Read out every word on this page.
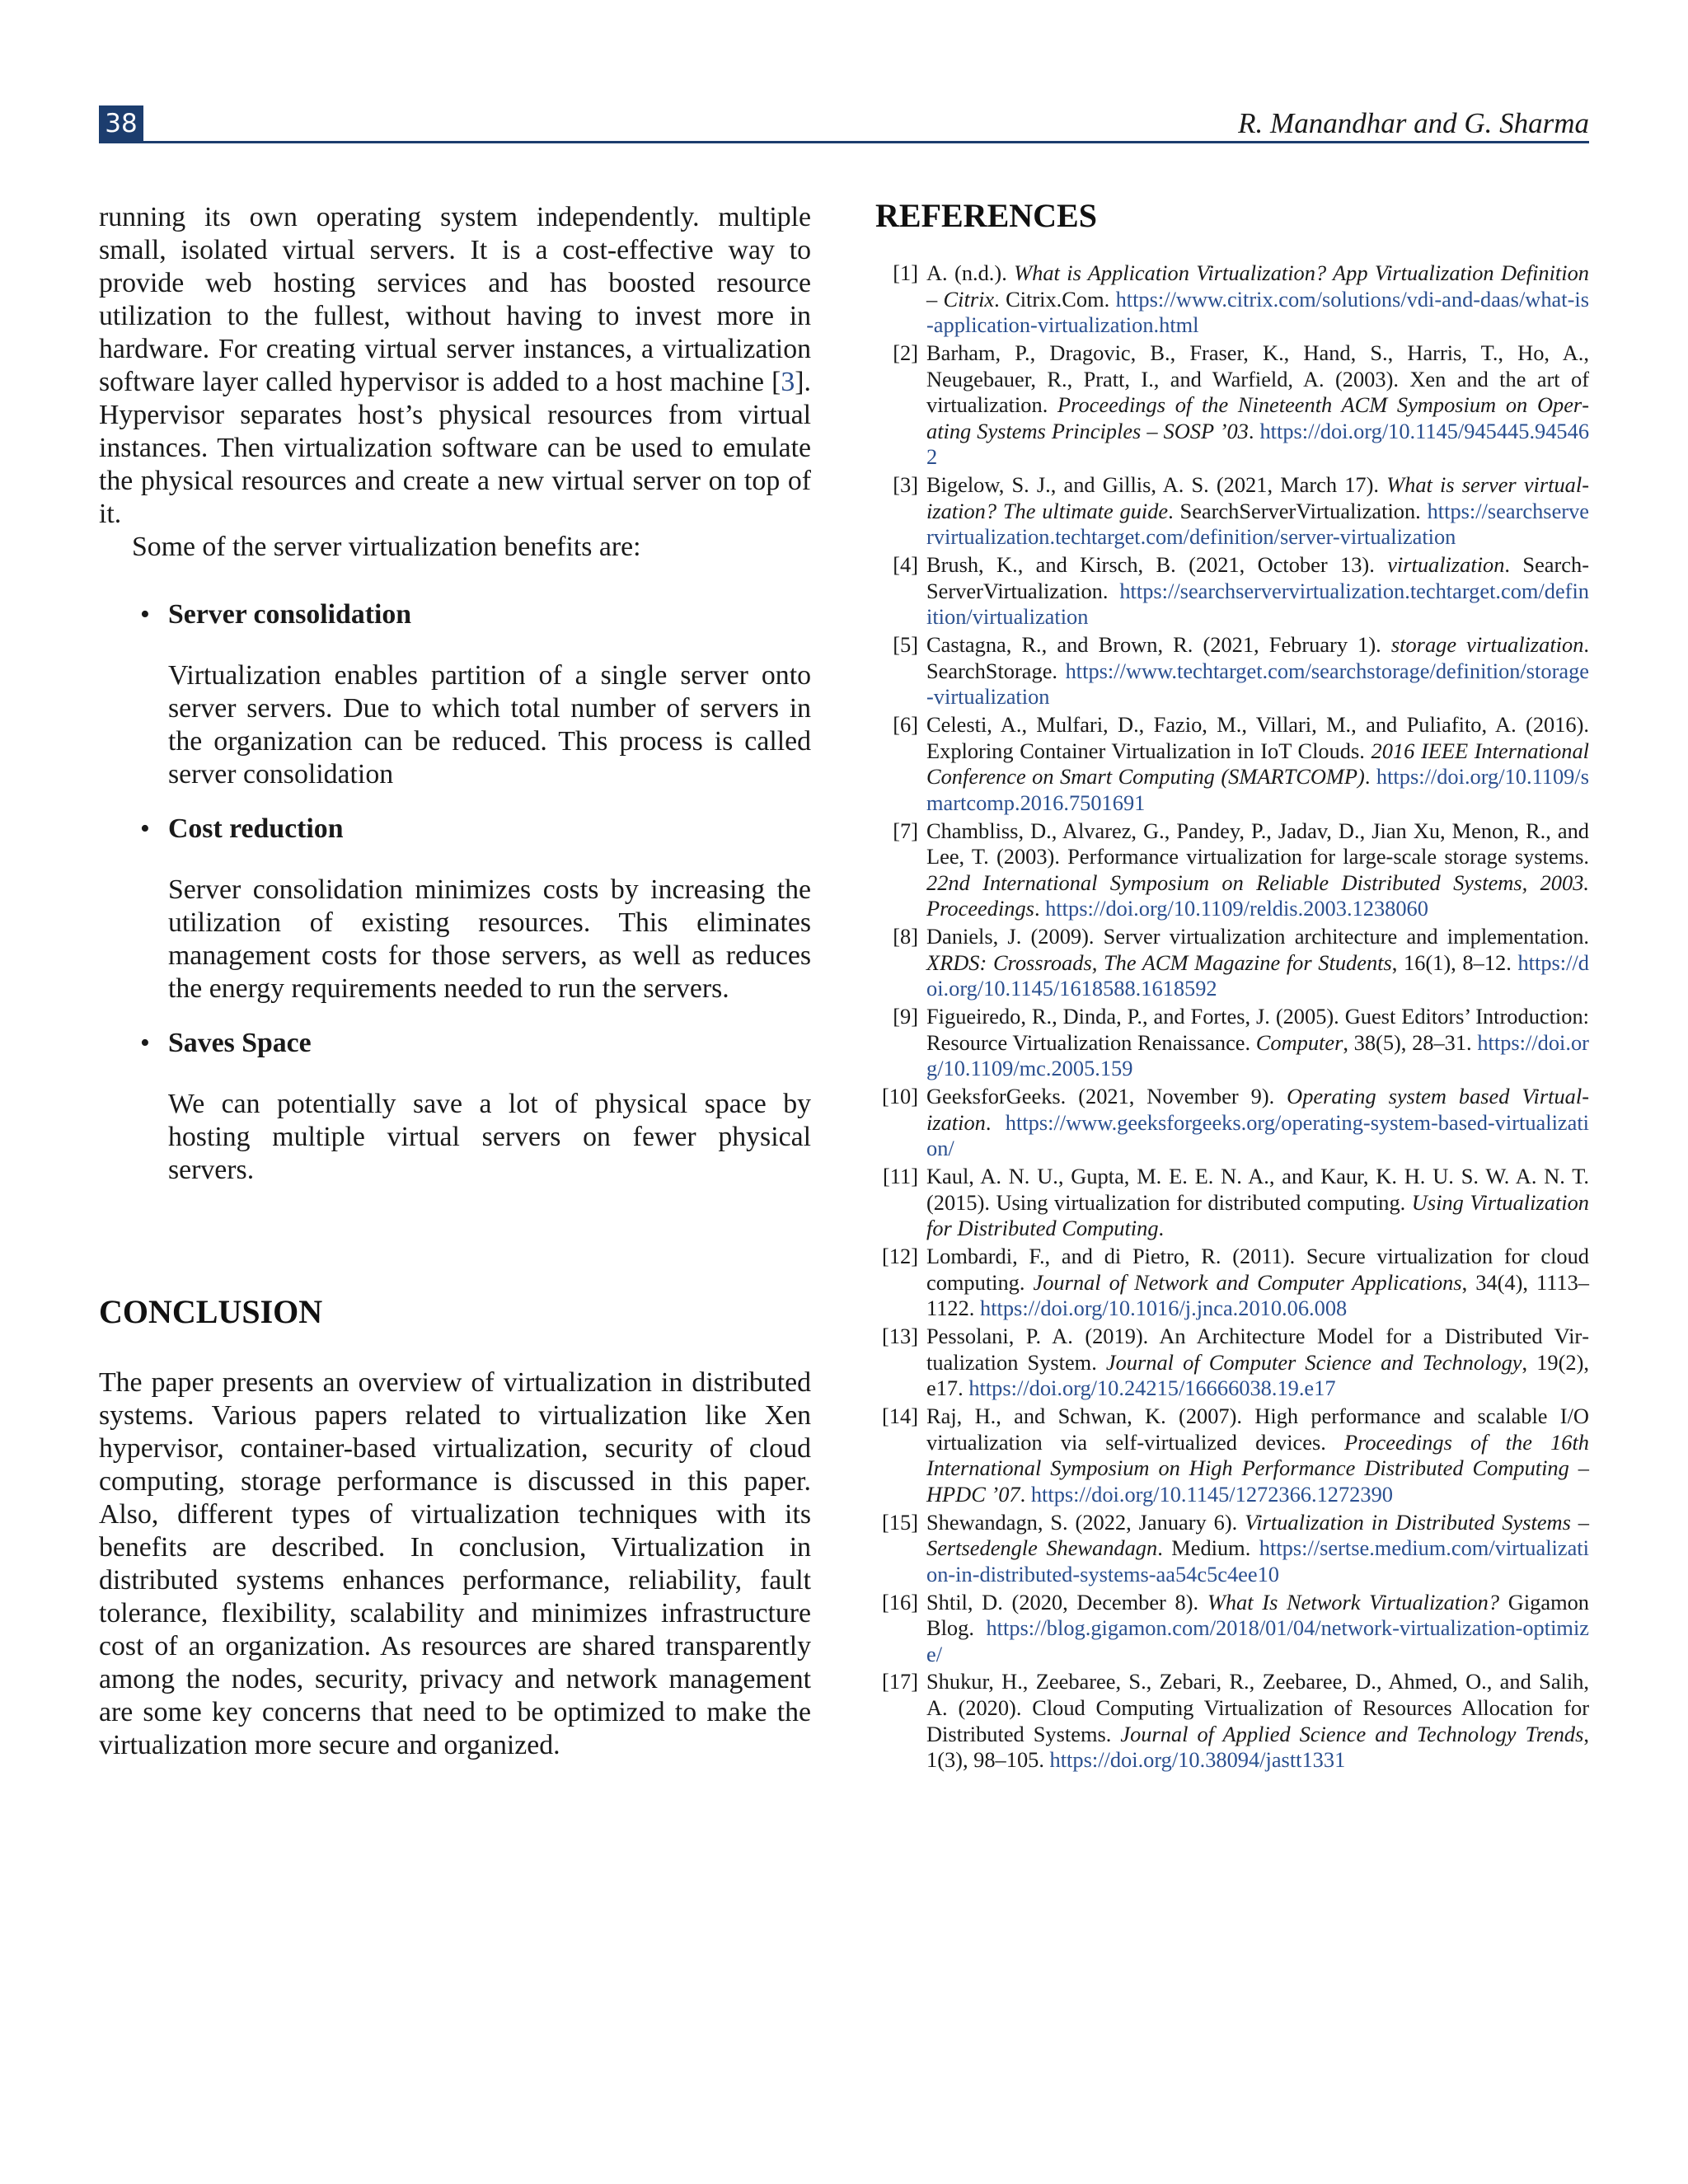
38	R. Manandhar and G. Sharma

running its own operating system independently. multiple small, isolated virtual servers. It is a cost-effective way to provide web hosting services and has boosted resource utilization to the fullest, without having to invest more in hardware. For creating virtual server instances, a virtualization software layer called hypervisor is added to a host machine [3]. Hypervisor separates host’s physical resources from virtual instances. Then virtualization software can be used to emulate the physical resources and create a new virtual server on top of it.

Some of the server virtualization benefits are:

• Server consolidation

Virtualization enables partition of a single server onto server servers. Due to which total number of servers in the organization can be reduced. This process is called server consolidation

• Cost reduction

Server consolidation minimizes costs by increasing the utilization of existing resources. This eliminates management costs for those servers, as well as reduces the energy requirements needed to run the servers.

• Saves Space

We can potentially save a lot of physical space by hosting multiple virtual servers on fewer physical servers.

CONCLUSION

The paper presents an overview of virtualization in distributed systems. Various papers related to virtualization like Xen hypervisor, container-based virtualization, security of cloud computing, storage performance is discussed in this paper. Also, different types of virtualization techniques with its benefits are described. In conclusion, Virtualization in distributed systems enhances performance, reliability, fault tolerance, flexibility, scalability and minimizes infrastructure cost of an organization. As resources are shared transparently among the nodes, security, privacy and network management are some key concerns that need to be optimized to make the virtualization more secure and organized.

REFERENCES
[1] A. (n.d.). What is Application Virtualization? App Virtualization Definition – Citrix. Citrix.Com. https://www.citrix.com/solutions/vdi-and-daas/what-is-application-virtualization.html
[2] Barham, P., Dragovic, B., Fraser, K., Hand, S., Harris, T., Ho, A., Neugebauer, R., Pratt, I., and Warfield, A. (2003). Xen and the art of virtualization. Proceedings of the Nineteenth ACM Symposium on Operating Systems Principles – SOSP ’03. https://doi.org/10.1145/945445.945462
[3] Bigelow, S. J., and Gillis, A. S. (2021, March 17). What is server virtualization? The ultimate guide. SearchServerVirtualization. https://searchservervirtualization.techtarget.com/definition/server-virtualization
[4] Brush, K., and Kirsch, B. (2021, October 13). virtualization. SearchServerVirtualization. https://searchservervirtualization.techtarget.com/definition/virtualization
[5] Castagna, R., and Brown, R. (2021, February 1). storage virtualization. SearchStorage. https://www.techtarget.com/searchstorage/definition/storage-virtualization
[6] Celesti, A., Mulfari, D., Fazio, M., Villari, M., and Puliafito, A. (2016). Exploring Container Virtualization in IoT Clouds. 2016 IEEE International Conference on Smart Computing (SMARTCOMP). https://doi.org/10.1109/smartcomp.2016.7501691
[7] Chambliss, D., Alvarez, G., Pandey, P., Jadav, D., Jian Xu, Menon, R., and Lee, T. (2003). Performance virtualization for large-scale storage systems. 22nd International Symposium on Reliable Distributed Systems, 2003. Proceedings. https://doi.org/10.1109/reldis.2003.1238060
[8] Daniels, J. (2009). Server virtualization architecture and implementation. XRDS: Crossroads, The ACM Magazine for Students, 16(1), 8–12. https://doi.org/10.1145/1618588.1618592
[9] Figueiredo, R., Dinda, P., and Fortes, J. (2005). Guest Editors’ Introduction: Resource Virtualization Renaissance. Computer, 38(5), 28–31. https://doi.org/10.1109/mc.2005.159
[10] GeeksforGeeks. (2021, November 9). Operating system based Virtualization. https://www.geeksforgeeks.org/operating-system-based-virtualization/
[11] Kaul, A. N. U., Gupta, M. E. E. N. A., and Kaur, K. H. U. S. W. A. N. T. (2015). Using virtualization for distributed computing. Using Virtualization for Distributed Computing.
[12] Lombardi, F., and di Pietro, R. (2011). Secure virtualization for cloud computing. Journal of Network and Computer Applications, 34(4), 1113–1122. https://doi.org/10.1016/j.jnca.2010.06.008
[13] Pessolani, P. A. (2019). An Architecture Model for a Distributed Virtualization System. Journal of Computer Science and Technology, 19(2), e17. https://doi.org/10.24215/16666038.19.e17
[14] Raj, H., and Schwan, K. (2007). High performance and scalable I/O virtualization via self-virtualized devices. Proceedings of the 16th International Symposium on High Performance Distributed Computing – HPDC ’07. https://doi.org/10.1145/1272366.1272390
[15] Shewandagn, S. (2022, January 6). Virtualization in Distributed Systems – Sertsedengle Shewandagn. Medium. https://sertse.medium.com/virtualization-in-distributed-systems-aa54c5c4ee10
[16] Shtil, D. (2020, December 8). What Is Network Virtualization? Gigamon Blog. https://blog.gigamon.com/2018/01/04/network-virtualization-optimize/
[17] Shukur, H., Zeebaree, S., Zebari, R., Zeebaree, D., Ahmed, O., and Salih, A. (2020). Cloud Computing Virtualization of Resources Allocation for Distributed Systems. Journal of Applied Science and Technology Trends, 1(3), 98–105. https://doi.org/10.38094/jastt1331
